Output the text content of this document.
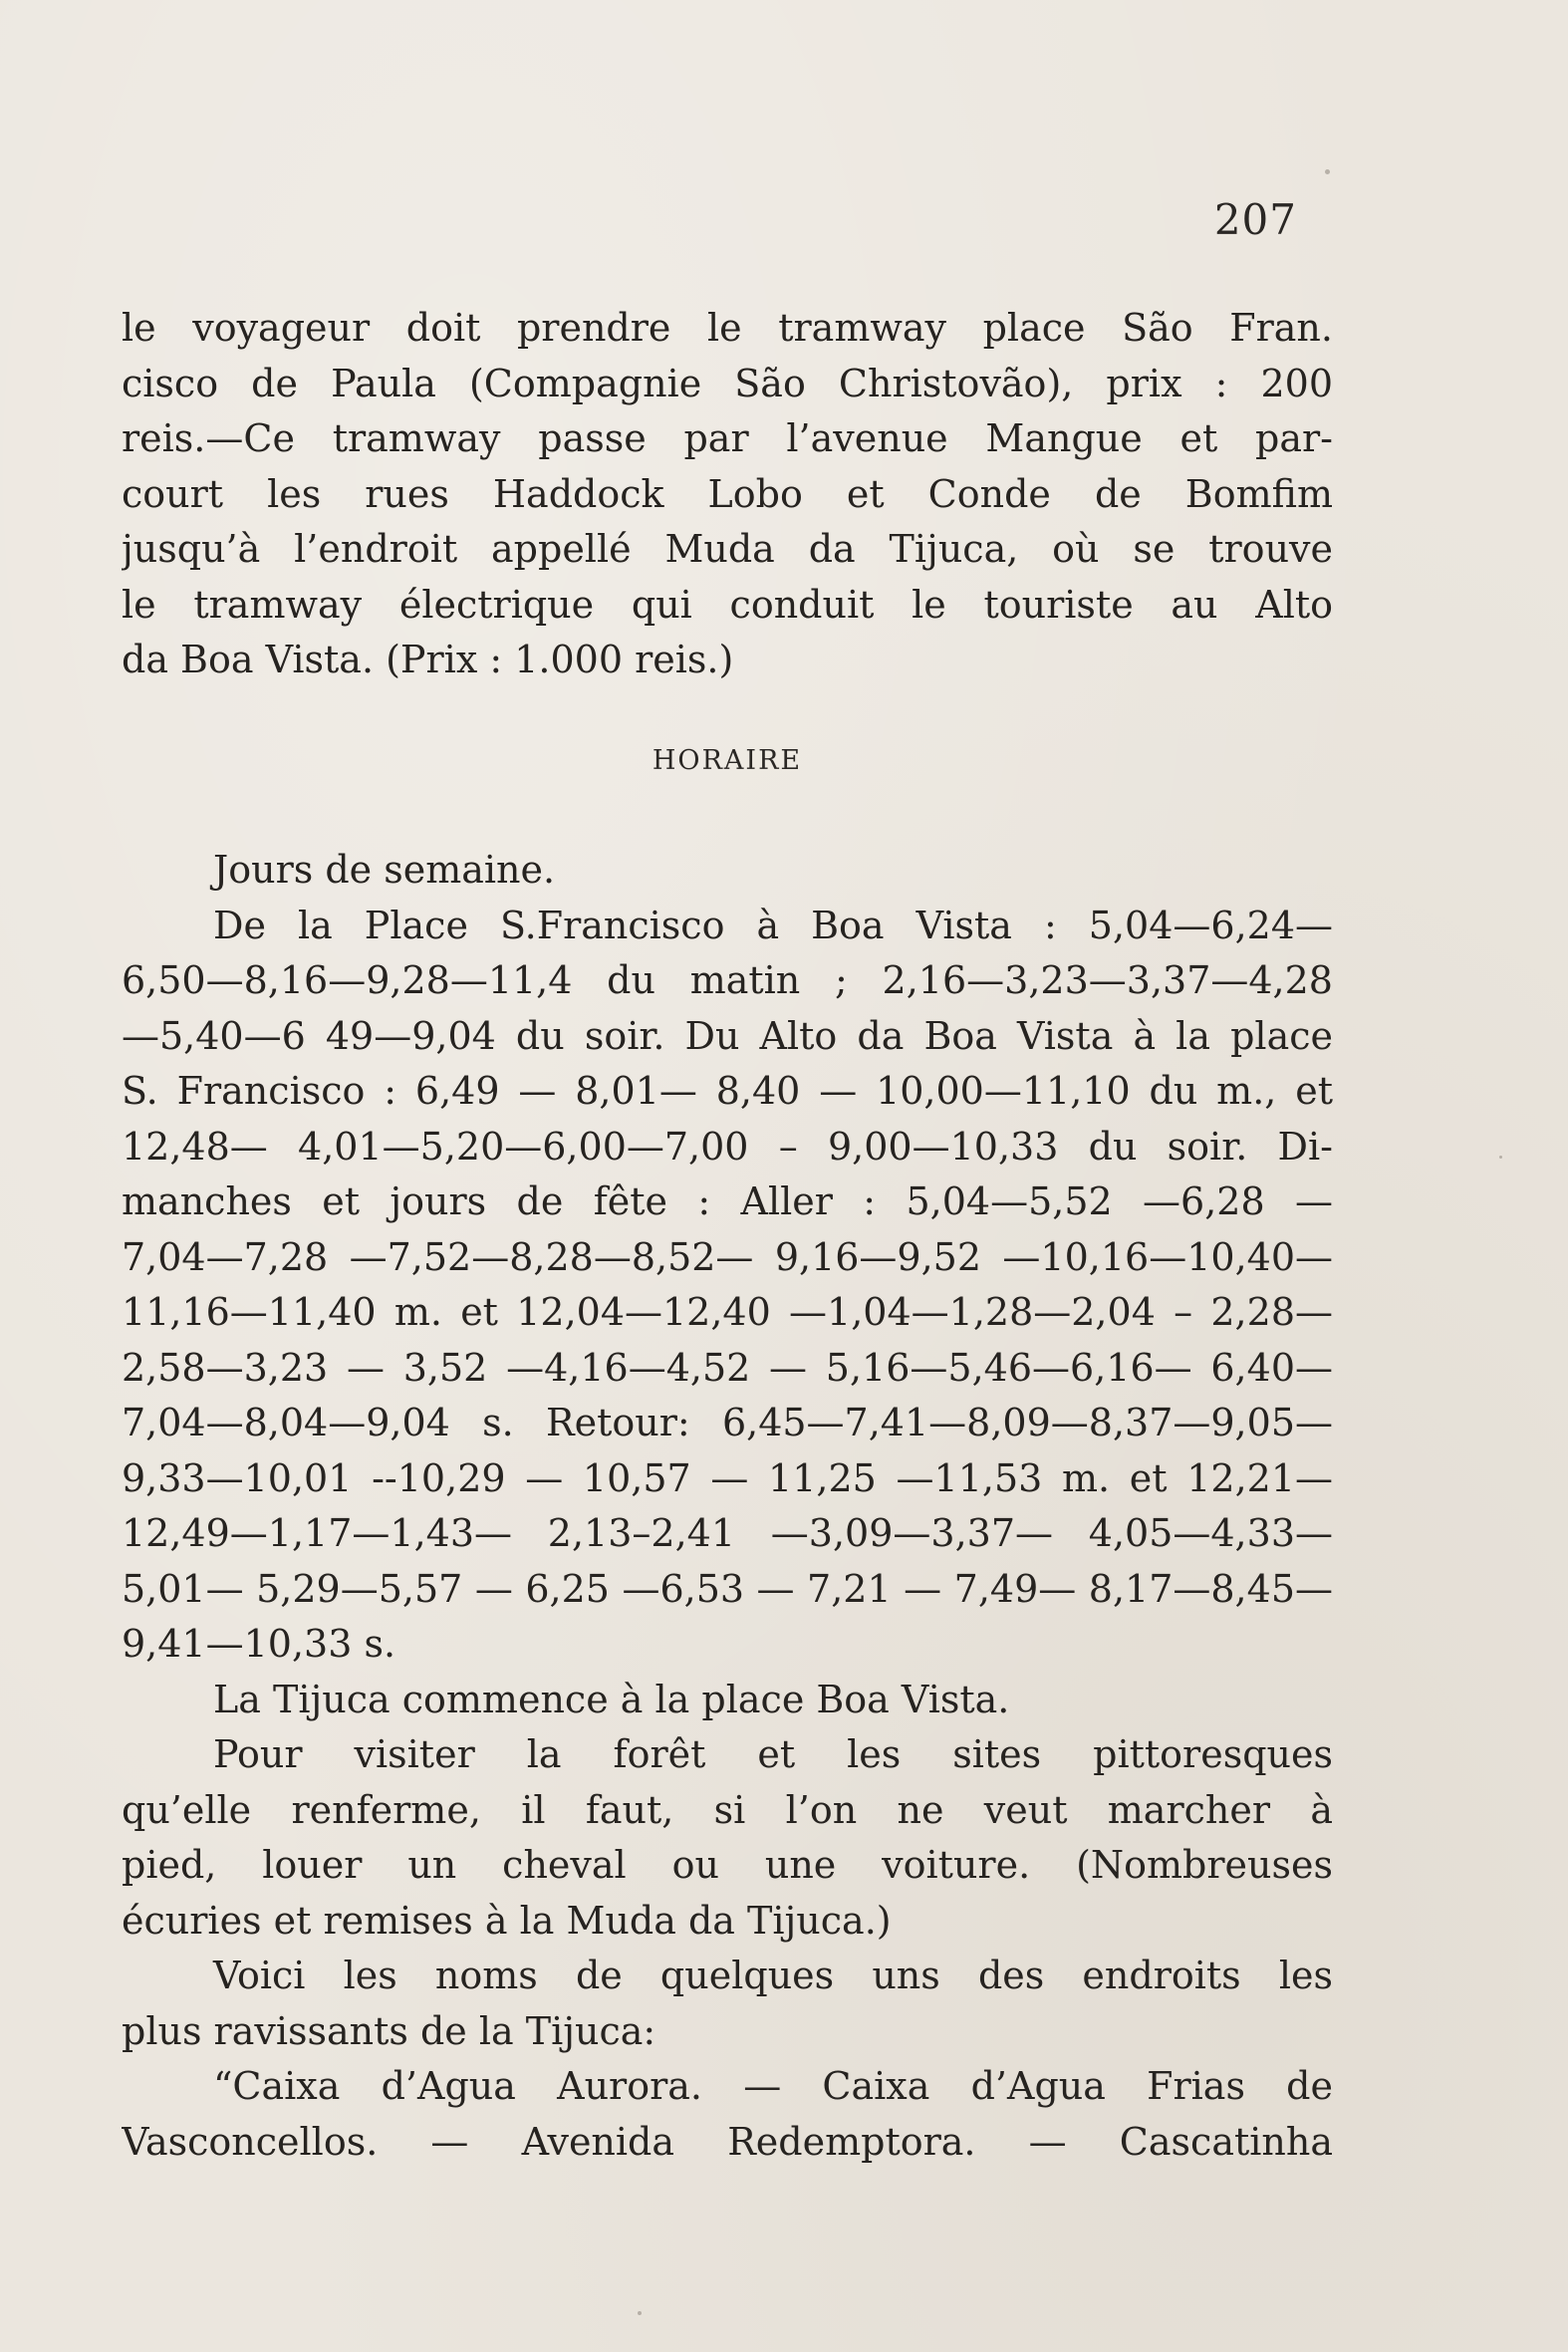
207
le voyageur doit prendre le tramway place São Fran.
cisco de Paula (Compagnie São Christovão), prix : 200
reis.—Ce tramway passe par l’avenue Mangue et par-
court les rues Haddock Lobo et Conde de Bomfim
jusqu’à l’endroit appellé Muda da Tijuca, où se trouve
le tramway électrique qui conduit le touriste au Alto
da Boa Vista. (Prix : 1.000 reis.)
HORAIRE
Jours de semaine.
De la Place S.Francisco à Boa Vista : 5,04—6,24—
6,50—8,16—9,28—11,4 du matin ; 2,16—3,23—3,37—4,28
—5,40—6 49—9,04 du soir. Du Alto da Boa Vista à la place
S. Francisco : 6,49 — 8,01— 8,40 — 10,00—11,10 du m., et
12,48— 4,01—5,20—6,00—7,00 – 9,00—10,33 du soir. Di-
manches et jours de fête : Aller : 5,04—5,52 —6,28 —
7,04—7,28 —7,52—8,28—8,52— 9,16—9,52 —10,16—10,40—
11,16—11,40 m. et 12,04—12,40 —1,04—1,28—2,04 – 2,28—
2,58—3,23 — 3,52 —4,16—4,52 — 5,16—5,46—6,16— 6,40—
7,04—8,04—9,04 s. Retour: 6,45—7,41—8,09—8,37—9,05—
9,33—10,01 --10,29 — 10,57 — 11,25 —11,53 m. et 12,21—
12,49—1,17—1,43— 2,13–2,41 —3,09—3,37— 4,05—4,33—
5,01— 5,29—5,57 — 6,25 —6,53 — 7,21 — 7,49— 8,17—8,45—
9,41—10,33 s.
La Tijuca commence à la place Boa Vista.
Pour visiter la forêt et les sites pittoresques
qu’elle renferme, il faut, si l’on ne veut marcher à
pied, louer un cheval ou une voiture. (Nombreuses
écuries et remises à la Muda da Tijuca.)
Voici les noms de quelques uns des endroits les
plus ravissants de la Tijuca:
“Caixa d’Agua Aurora. — Caixa d’Agua Frias de
Vasconcellos. — Avenida Redemptora. — Cascatinha
